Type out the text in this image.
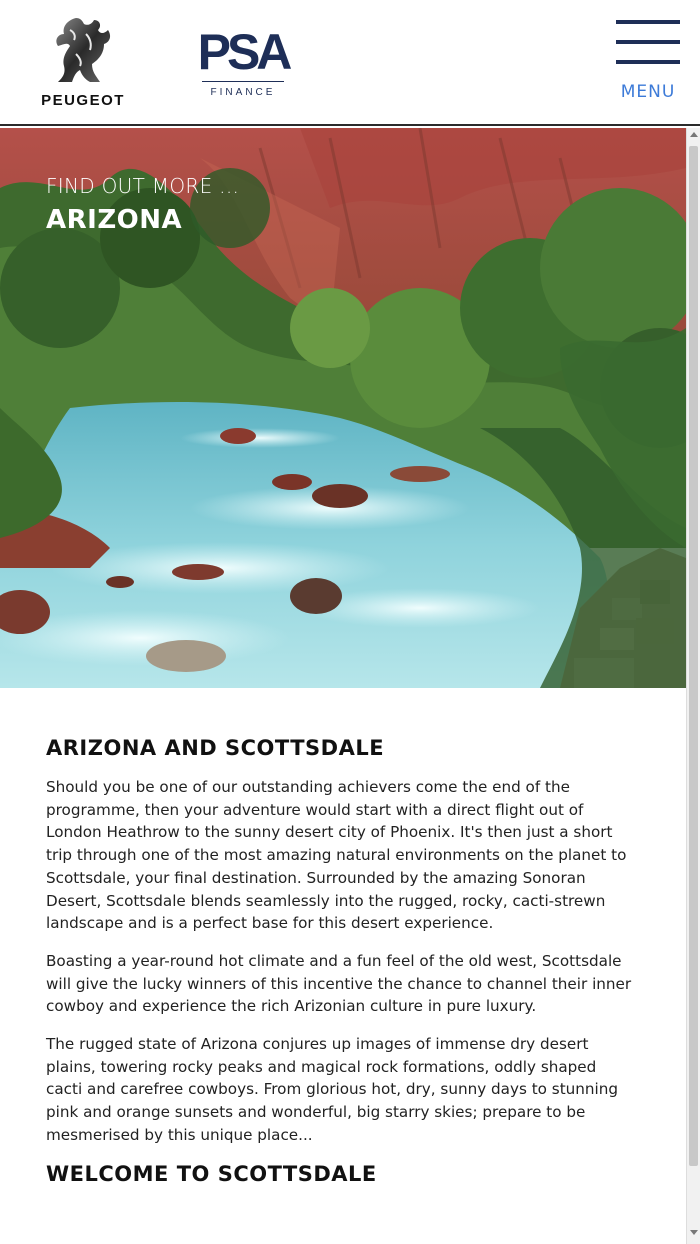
PEUGEOT
PSA
FINANCE	MENU
FIND OUT MORE ...
ARIZONA
ARIZONA AND SCOTTSDALE

Should you be one of our outstanding achievers come the end of the programme, then your adventure would start with a direct flight out of London Heathrow to the sunny desert city of Phoenix. It's then just a short trip through one of the most amazing natural environments on the planet to Scottsdale, your final destination. Surrounded by the amazing Sonoran Desert, Scottsdale blends seamlessly into the rugged, rocky, cacti-strewn landscape and is a perfect base for this desert experience.

Boasting a year-round hot climate and a fun feel of the old west, Scottsdale will give the lucky winners of this incentive the chance to channel their inner cowboy and experience the rich Arizonian culture in pure luxury.

The rugged state of Arizona conjures up images of immense dry desert plains, towering rocky peaks and magical rock formations, oddly shaped cacti and carefree cowboys. From glorious hot, dry, sunny days to stunning pink and orange sunsets and wonderful, big starry skies; prepare to be mesmerised by this unique place...

WELCOME TO SCOTTSDALE
